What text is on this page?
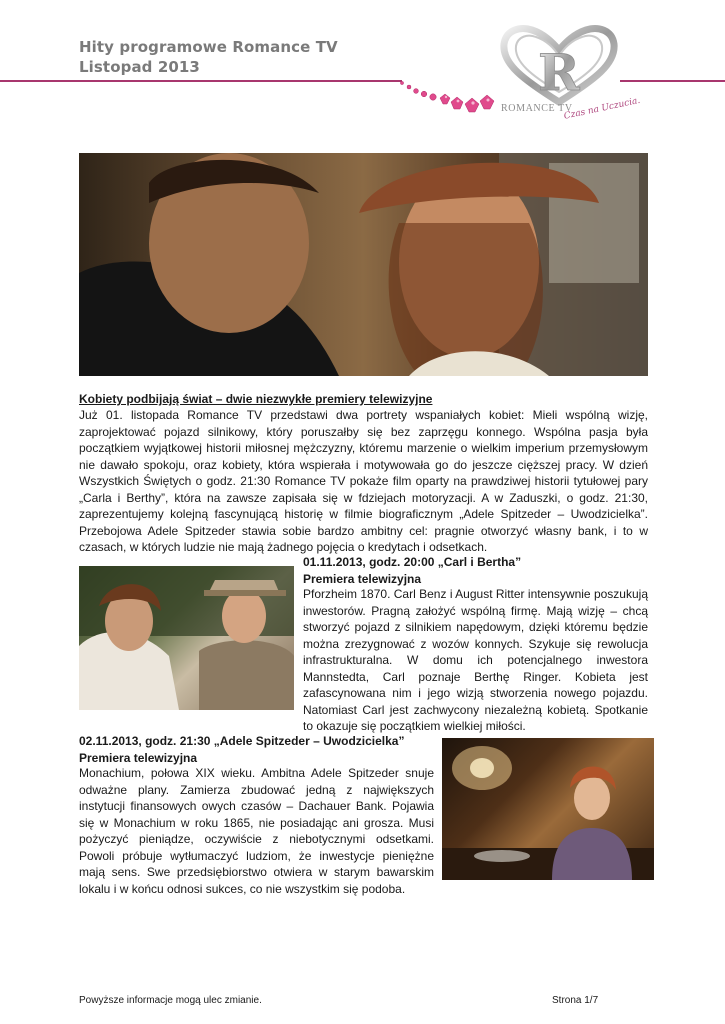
Hity programowe Romance TV
Listopad 2013	R
ROMANCE TV
Czas na Uczucia.
Kobiety podbijają świat – dwie niezwykłe premiery telewizyjne
Już 01. listopada Romance TV przedstawi dwa portrety wspaniałych kobiet: Mieli wspólną wizję, zaprojektować pojazd silnikowy, który poruszałby się bez zaprzęgu konnego. Wspólna pasja była początkiem wyjątkowej historii miłosnej mężczyzny, któremu marzenie o wielkim imperium przemysłowym nie dawało spokoju, oraz kobiety, która wspierała i motywowała go do jeszcze cięższej pracy. W dzień Wszystkich Świętych o godz. 21:30 Romance TV pokaże film oparty na prawdziwej historii tytułowej pary „Carla i Berthy”, która na zawsze zapisała się w fdziejach motoryzacji. A w Zaduszki, o godz. 21:30, zaprezentujemy kolejną fascynującą historię w filmie biograficznym „Adele Spitzeder – Uwodzicielka”. Przebojowa Adele Spitzeder stawia sobie bardzo ambitny cel: pragnie otworzyć własny bank, i to w czasach, w których ludzie nie mają żadnego pojęcia o kredytach i odsetkach.
01.11.2013, godz. 20:00 „Carl i Bertha”
Premiera telewizyjna
Pforzheim 1870. Carl Benz i August Ritter intensywnie poszukują inwestorów. Pragną założyć wspólną firmę. Mają wizję – chcą stworzyć pojazd z silnikiem napędowym, dzięki któremu będzie można zrezygnować z wozów konnych. Szykuje się rewolucja infrastrukturalna. W domu ich potencjalnego inwestora Mannstedta, Carl poznaje Berthę Ringer. Kobieta jest zafascynowana nim i jego wizją stworzenia nowego pojazdu. Natomiast Carl jest zachwycony niezależną kobietą. Spotkanie to okazuje się początkiem wielkiej miłości.
02.11.2013, godz. 21:30 „Adele Spitzeder – Uwodzicielka”
Premiera telewizyjna
Monachium, połowa XIX wieku. Ambitna Adele Spitzeder snuje odważne plany. Zamierza zbudować jedną z największych instytucji finansowych owych czasów – Dachauer Bank. Pojawia się w Monachium w roku 1865, nie posiadając ani grosza. Musi pożyczyć pieniądze, oczywiście z niebotycznymi odsetkami. Powoli próbuje wytłumaczyć ludziom, że inwestycje pieniężne mają sens. Swe przedsiębiorstwo otwiera w starym bawarskim lokalu i w końcu odnosi sukces, co nie wszystkim się podoba.
Powyższe informacje mogą ulec zmianie.	Strona 1/7
